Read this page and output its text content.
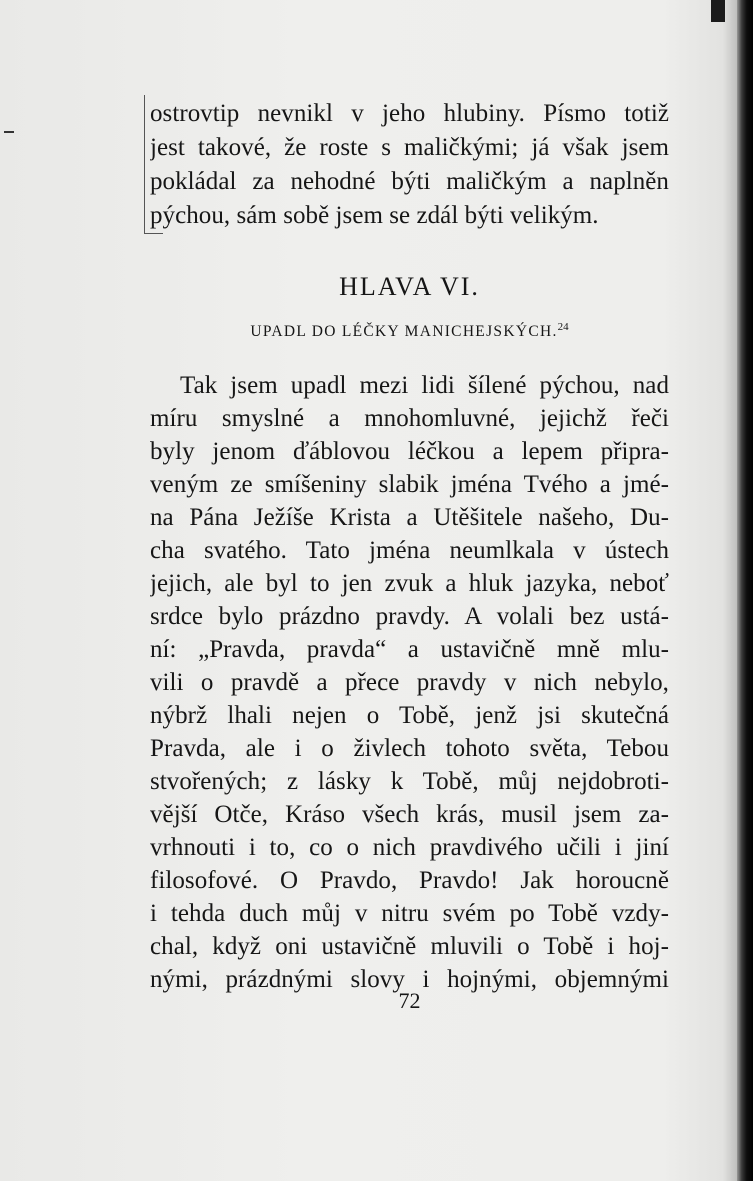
ostrovtip nevnikl v jeho hlubiny. Písmo totiž
jest takové, že roste s maličkými; já však jsem
pokládal za nehodné býti maličkým a naplněn
pýchou, sám sobě jsem se zdál býti velikým.
HLAVA VI.
UPADL DO LÉČKY MANICHEJSKÝCH.$^{24}$
Tak jsem upadl mezi lidi šílené pýchou, nad
míru smyslné a mnohomluvné, jejichž řeči
byly jenom ďáblovou léčkou a lepem připra-
veným ze smíšeniny slabik jména Tvého a jmé-
na Pána Ježíše Krista a Utěšitele našeho, Du-
cha svatého. Tato jména neumlkala v ústech
jejich, ale byl to jen zvuk a hluk jazyka, neboť
srdce bylo prázdno pravdy. A volali bez ustá-
ní: „Pravda, pravda“ a ustavičně mně mlu-
vili o pravdě a přece pravdy v nich nebylo,
nýbrž lhali nejen o Tobě, jenž jsi skutečná
Pravda, ale i o živlech tohoto světa, Tebou
stvořených; z lásky k Tobě, můj nejdobroti-
vější Otče, Kráso všech krás, musil jsem za-
vrhnouti i to, co o nich pravdivého učili i jiní
filosofové. O Pravdo, Pravdo! Jak horoucně
i tehda duch můj v nitru svém po Tobě vzdy-
chal, když oni ustavičně mluvili o Tobě i hoj-
nými, prázdnými slovy i hojnými, objemnými
72
